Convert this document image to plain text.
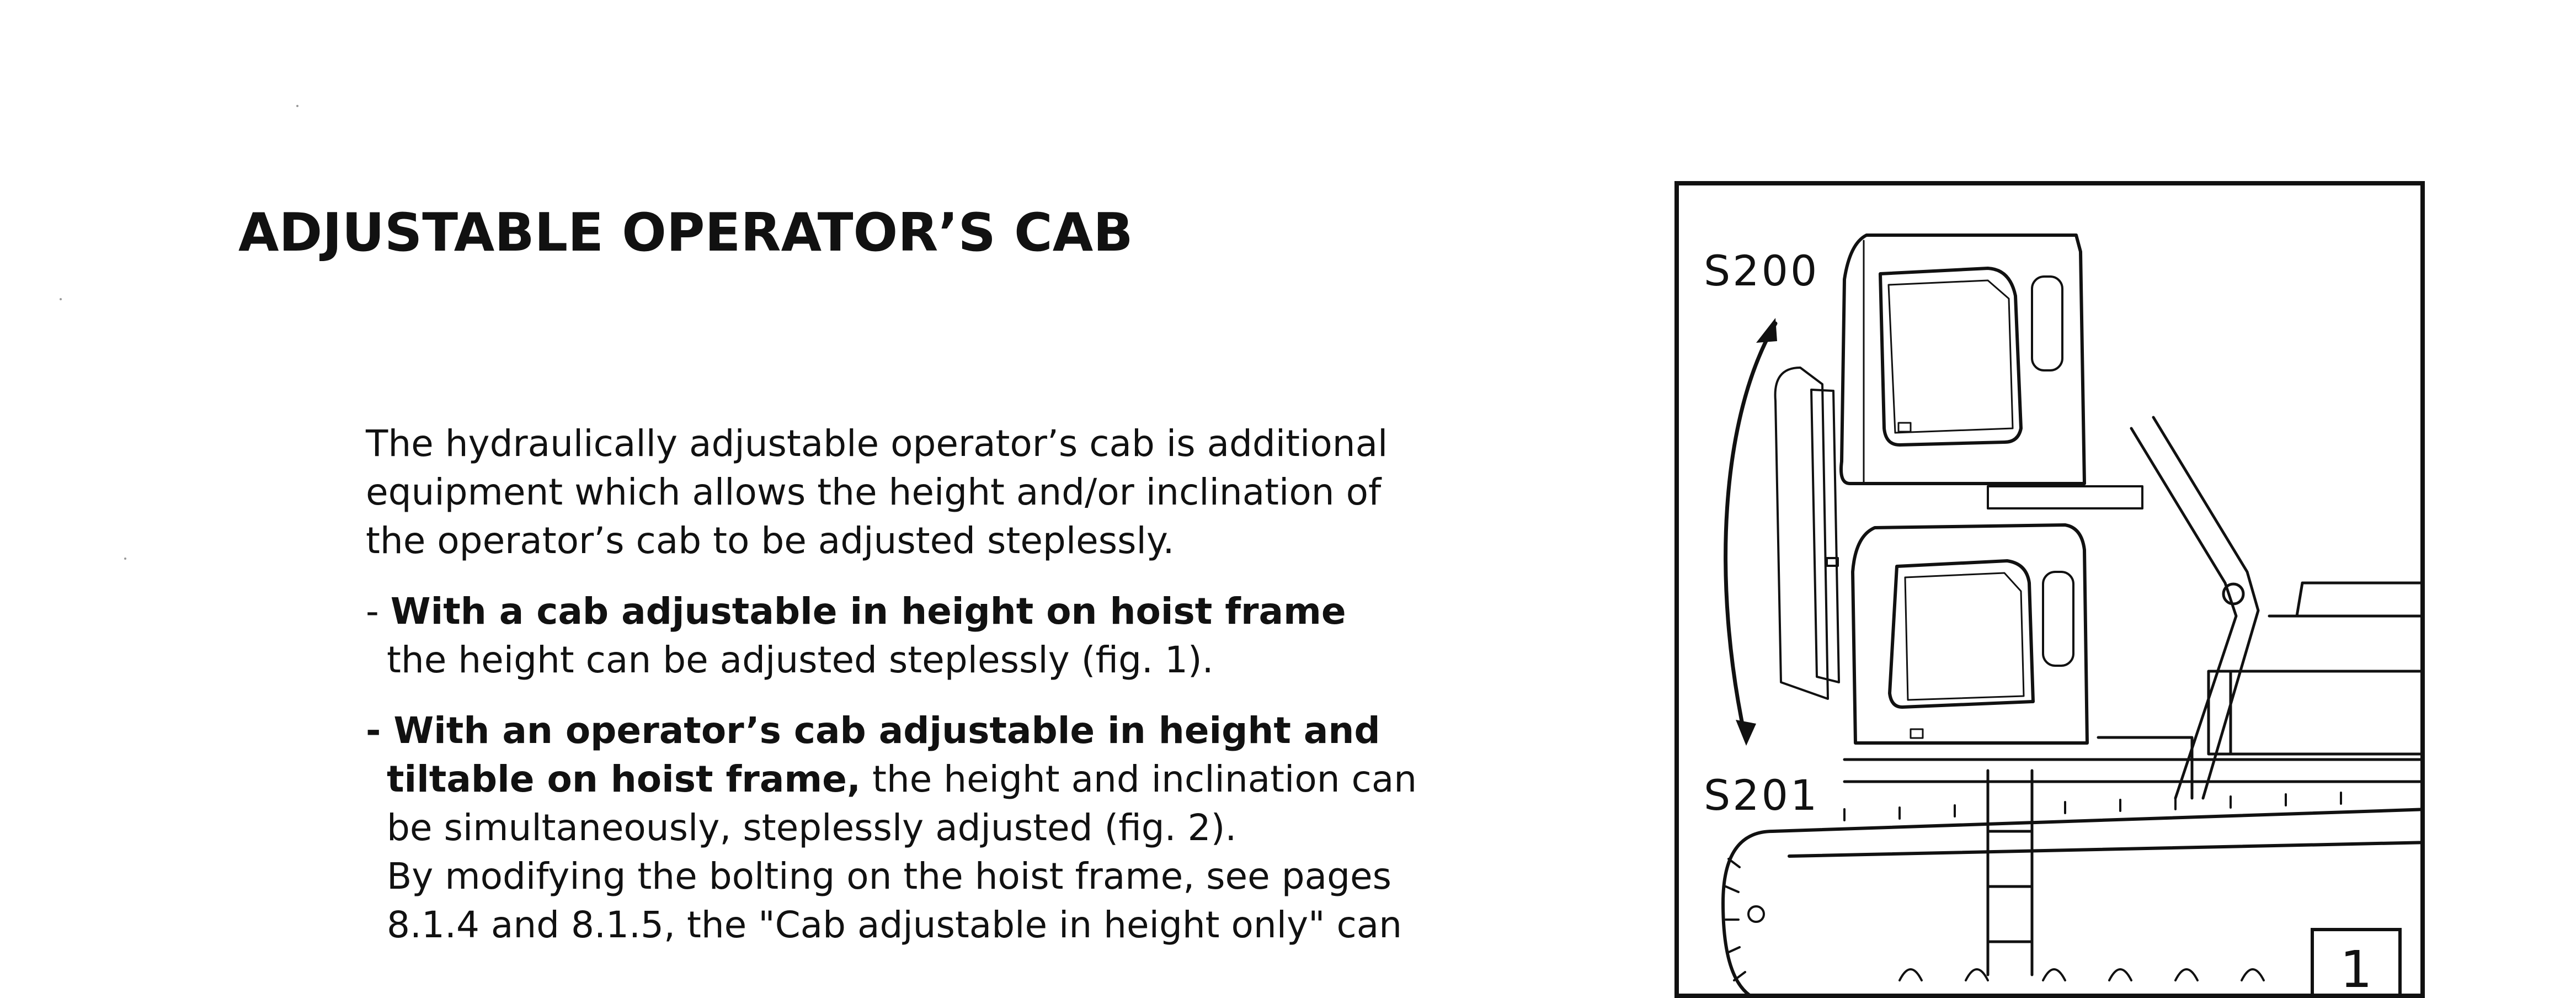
ADJUSTABLE OPERATOR’S CAB

The hydraulically adjustable operator’s cab is additional
equipment which allows the height and/or inclination of
the operator’s cab to be adjusted steplessly.

- With a cab adjustable in height on hoist frame
the height can be adjusted steplessly (fig. 1).
- With an operator’s cab adjustable in height and
tiltable on hoist frame, the height and inclination can
be simultaneously, steplessly adjusted (fig. 2).
By modifying the bolting on the hoist frame, see pages
8.1.4 and 8.1.5, the "Cab adjustable in height only" can
S200
S201
1
